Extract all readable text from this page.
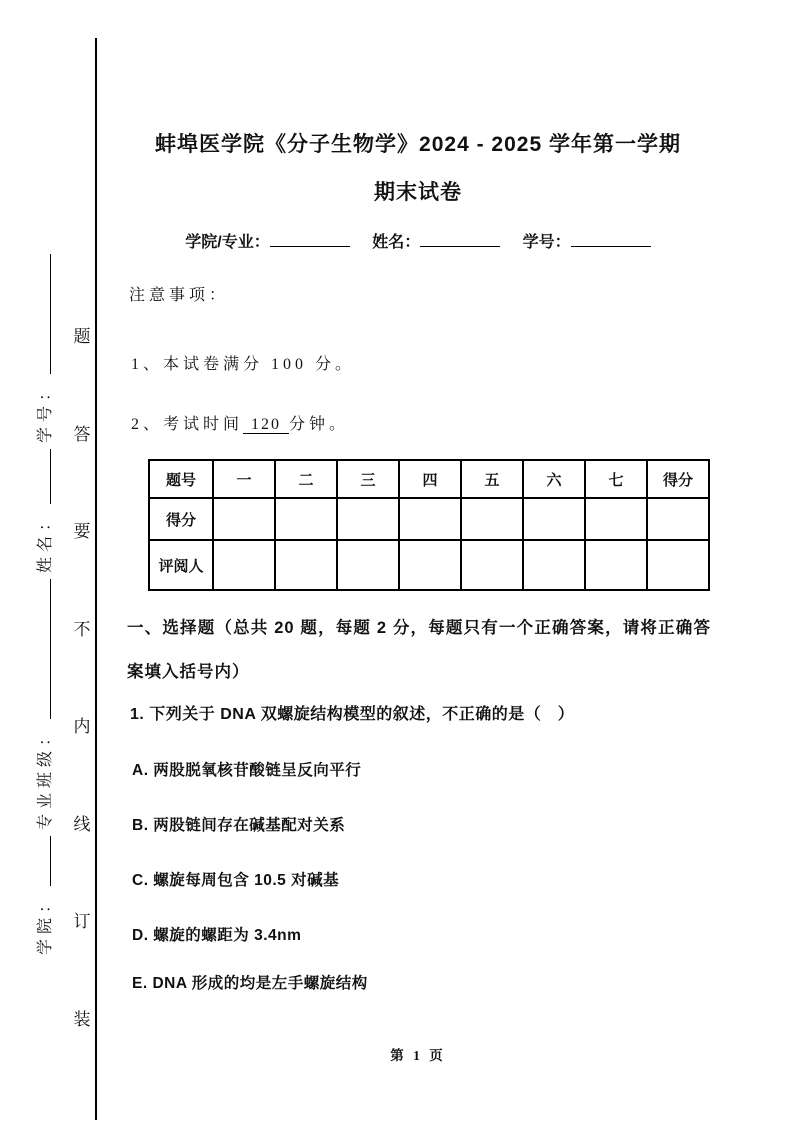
学院：
专业班级：
姓名：
学号：
题
答
要
不
内
线
订
装
蚌埠医学院《分子生物学》2024 - 2025 学年第一学期
期末试卷
学院/专业：	姓名：	学号：
注意事项：
1、本试卷满分 100 分。
2、考试时间 120 分钟。
题号	一	二	三	四	五	六	七	得分
得分								
评阅人								
一、选择题（总共 20 题，每题 2 分，每题只有一个正确答案，请将正确答案填入括号内）
1. 下列关于 DNA 双螺旋结构模型的叙述，不正确的是（　）
A. 两股脱氧核苷酸链呈反向平行
B. 两股链间存在碱基配对关系
C. 螺旋每周包含 10.5 对碱基
D. 螺旋的螺距为 3.4nm
E. DNA 形成的均是左手螺旋结构
第 1 页
